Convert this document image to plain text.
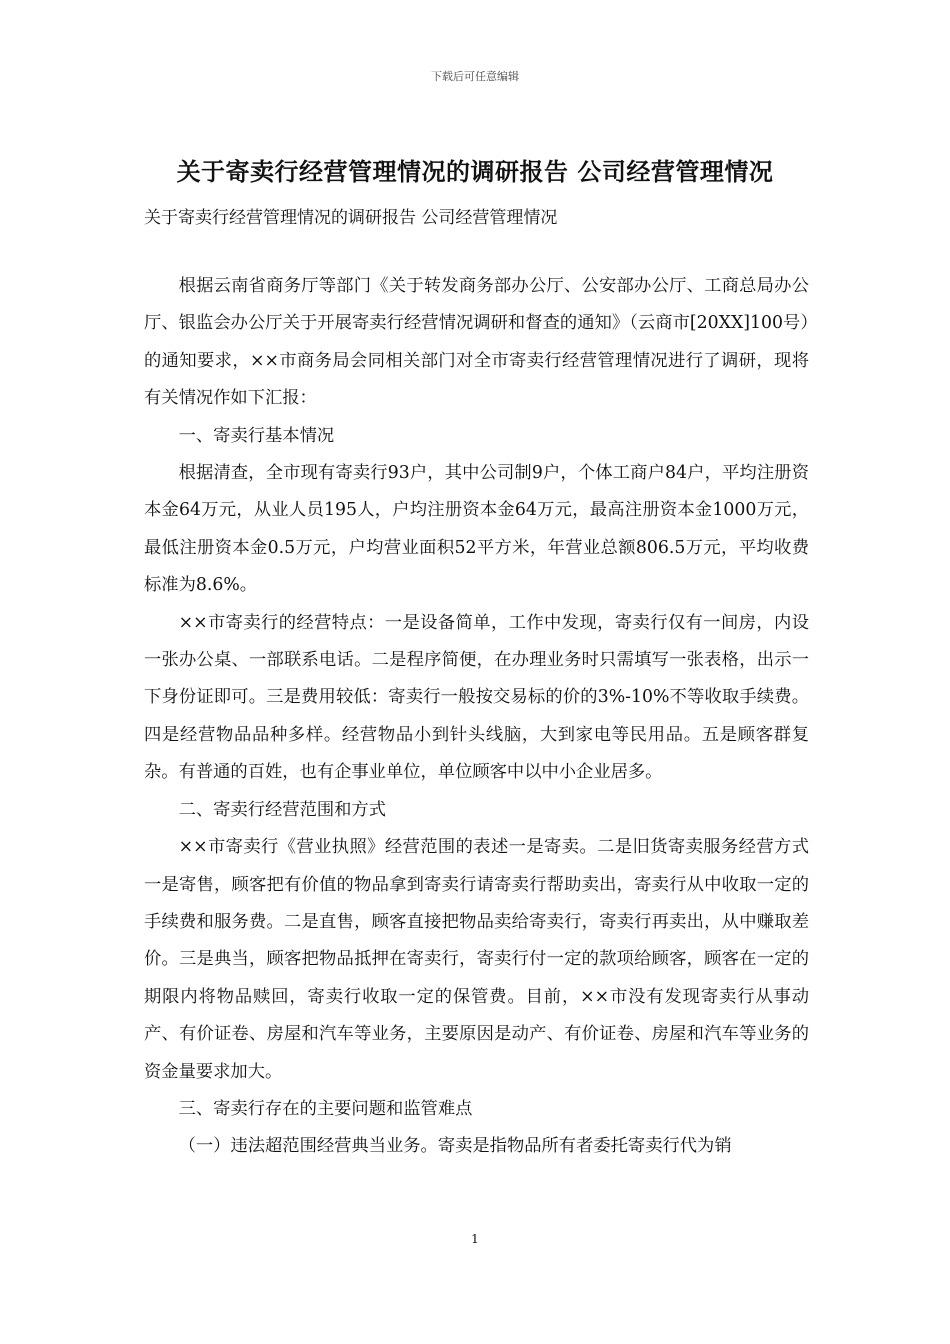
下载后可任意编辑
关于寄卖行经营管理情况的调研报告 公司经营管理情况
关于寄卖行经营管理情况的调研报告 公司经营管理情况

根据云南省商务厅等部门《关于转发商务部办公厅、公安部办公厅、工商总局办公厅、银监会办公厅关于开展寄卖行经营情况调研和督查的通知》（云商市[20XX]100号）的通知要求，××市商务局会同相关部门对全市寄卖行经营管理情况进行了调研，现将有关情况作如下汇报：

一、寄卖行基本情况

根据清查，全市现有寄卖行93户，其中公司制9户，个体工商户84户，平均注册资本金64万元，从业人员195人，户均注册资本金64万元，最高注册资本金1000万元，最低注册资本金0.5万元，户均营业面积52平方米，年营业总额806.5万元，平均收费标准为8.6%。

××市寄卖行的经营特点：一是设备简单，工作中发现，寄卖行仅有一间房，内设一张办公桌、一部联系电话。二是程序简便，在办理业务时只需填写一张表格，出示一下身份证即可。三是费用较低：寄卖行一般按交易标的价的3%-10%不等收取手续费。四是经营物品品种多样。经营物品小到针头线脑，大到家电等民用品。五是顾客群复杂。有普通的百姓，也有企事业单位，单位顾客中以中小企业居多。

二、寄卖行经营范围和方式

××市寄卖行《营业执照》经营范围的表述一是寄卖。二是旧货寄卖服务经营方式一是寄售，顾客把有价值的物品拿到寄卖行请寄卖行帮助卖出，寄卖行从中收取一定的手续费和服务费。二是直售，顾客直接把物品卖给寄卖行，寄卖行再卖出，从中赚取差价。三是典当，顾客把物品抵押在寄卖行，寄卖行付一定的款项给顾客，顾客在一定的期限内将物品赎回，寄卖行收取一定的保管费。目前，××市没有发现寄卖行从事动产、有价证卷、房屋和汽车等业务，主要原因是动产、有价证卷、房屋和汽车等业务的资金量要求加大。

三、寄卖行存在的主要问题和监管难点

（一）违法超范围经营典当业务。寄卖是指物品所有者委托寄卖行代为销

1
